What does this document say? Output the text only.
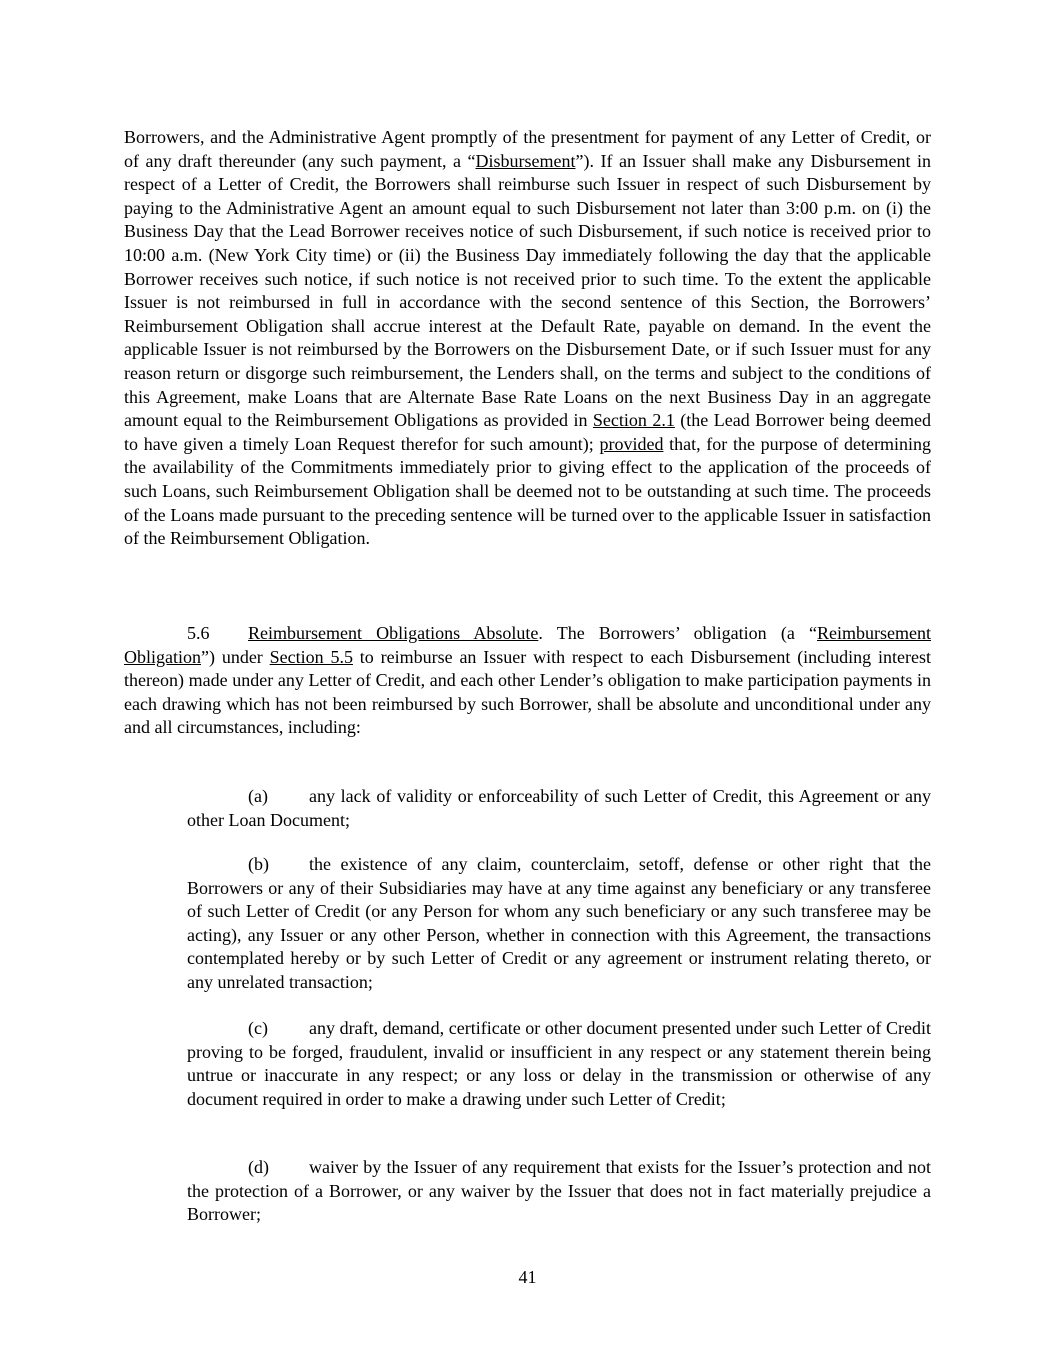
Borrowers, and the Administrative Agent promptly of the presentment for payment of any Letter of Credit, or of any draft thereunder (any such payment, a “Disbursement”). If an Issuer shall make any Disbursement in respect of a Letter of Credit, the Borrowers shall reimburse such Issuer in respect of such Disbursement by paying to the Administrative Agent an amount equal to such Disbursement not later than 3:00 p.m. on (i) the Business Day that the Lead Borrower receives notice of such Disbursement, if such notice is received prior to 10:00 a.m. (New York City time) or (ii) the Business Day immediately following the day that the applicable Borrower receives such notice, if such notice is not received prior to such time. To the extent the applicable Issuer is not reimbursed in full in accordance with the second sentence of this Section, the Borrowers’ Reimbursement Obligation shall accrue interest at the Default Rate, payable on demand. In the event the applicable Issuer is not reimbursed by the Borrowers on the Disbursement Date, or if such Issuer must for any reason return or disgorge such reimbursement, the Lenders shall, on the terms and subject to the conditions of this Agreement, make Loans that are Alternate Base Rate Loans on the next Business Day in an aggregate amount equal to the Reimbursement Obligations as provided in Section 2.1 (the Lead Borrower being deemed to have given a timely Loan Request therefor for such amount); provided that, for the purpose of determining the availability of the Commitments immediately prior to giving effect to the application of the proceeds of such Loans, such Reimbursement Obligation shall be deemed not to be outstanding at such time. The proceeds of the Loans made pursuant to the preceding sentence will be turned over to the applicable Issuer in satisfaction of the Reimbursement Obligation.

5.6 Reimbursement Obligations Absolute. The Borrowers’ obligation (a “Reimbursement Obligation”) under Section 5.5 to reimburse an Issuer with respect to each Disbursement (including interest thereon) made under any Letter of Credit, and each other Lender’s obligation to make participation payments in each drawing which has not been reimbursed by such Borrower, shall be absolute and unconditional under any and all circumstances, including:

(a) any lack of validity or enforceability of such Letter of Credit, this Agreement or any other Loan Document;

(b) the existence of any claim, counterclaim, setoff, defense or other right that the Borrowers or any of their Subsidiaries may have at any time against any beneficiary or any transferee of such Letter of Credit (or any Person for whom any such beneficiary or any such transferee may be acting), any Issuer or any other Person, whether in connection with this Agreement, the transactions contemplated hereby or by such Letter of Credit or any agreement or instrument relating thereto, or any unrelated transaction;

(c) any draft, demand, certificate or other document presented under such Letter of Credit proving to be forged, fraudulent, invalid or insufficient in any respect or any statement therein being untrue or inaccurate in any respect; or any loss or delay in the transmission or otherwise of any document required in order to make a drawing under such Letter of Credit;

(d) waiver by the Issuer of any requirement that exists for the Issuer’s protection and not the protection of a Borrower, or any waiver by the Issuer that does not in fact materially prejudice a Borrower;

41
